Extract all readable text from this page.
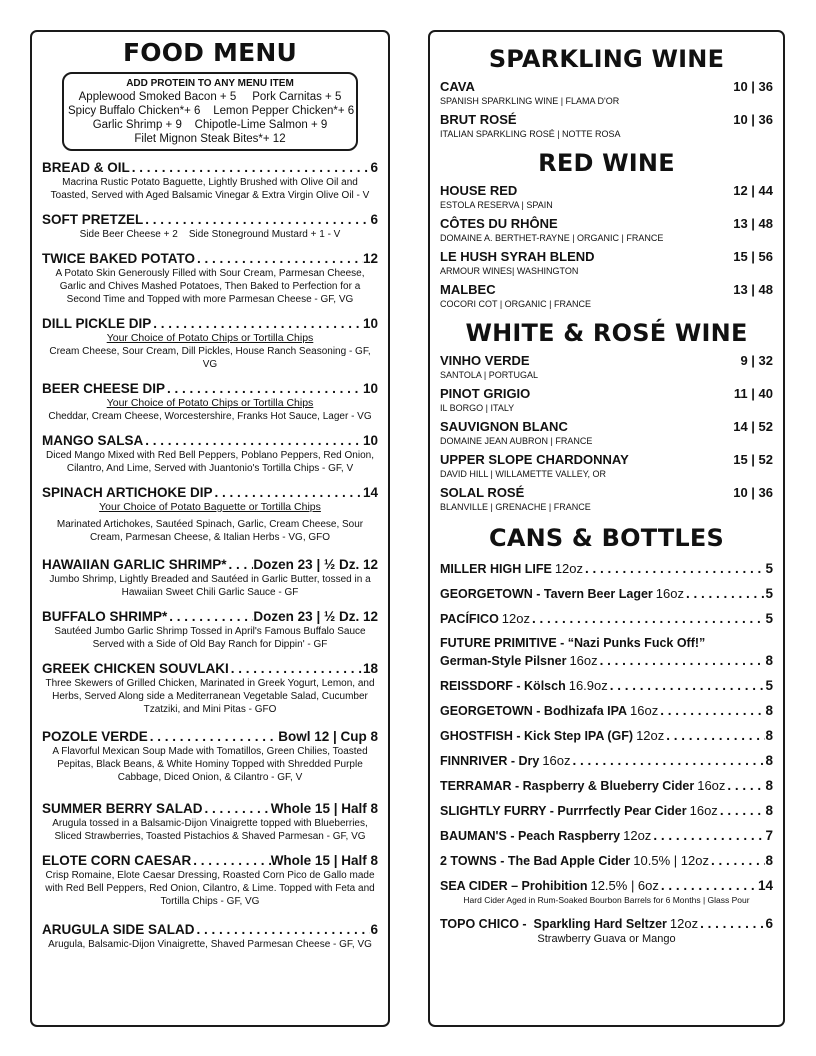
FOOD MENU
ADD PROTEIN TO ANY MENU ITEM
Applewood Smoked Bacon + 5     Pork Carnitas + 5
Spicy Buffalo Chicken*+ 6    Lemon Pepper Chicken*+ 6
Garlic Shrimp + 9    Chipotle-Lime Salmon + 9
Filet Mignon Steak Bites*+ 12
BREAD & OIL . . .	6
Macrina Rustic Potato Baguette, Lightly Brushed with Olive Oil and Toasted, Served with Aged Balsamic Vinegar & Extra Virgin Olive Oil - V
SOFT PRETZEL . . .	6
Side Beer Cheese + 2    Side Stoneground Mustard + 1 - V
TWICE BAKED POTATO . . .	12
A Potato Skin Generously Filled with Sour Cream, Parmesan Cheese, Garlic and Chives Mashed Potatoes, Then Baked to Perfection for a Second Time and Topped with more Parmesan Cheese - GF, VG
DILL PICKLE DIP . . .	10
Your Choice of Potato Chips or Tortilla Chips
Cream Cheese, Sour Cream, Dill Pickles, House Ranch Seasoning - GF, VG
BEER CHEESE DIP . . .	10
Your Choice of Potato Chips or Tortilla Chips
Cheddar, Cream Cheese, Worcestershire, Franks Hot Sauce, Lager - VG
MANGO SALSA . . .	10
Diced Mango Mixed with Red Bell Peppers, Poblano Peppers, Red Onion, Cilantro, And Lime, Served with Juantonio's Tortilla Chips - GF, V
SPINACH ARTICHOKE DIP . . .	14
Your Choice of Potato Baguette or Tortilla Chips
Marinated Artichokes, Sautéed Spinach, Garlic, Cream Cheese, Sour Cream, Parmesan Cheese, & Italian Herbs - VG, GFO
HAWAIIAN GARLIC SHRIMP* . . . Dozen 23 | ½ Dz. 12
Jumbo Shrimp, Lightly Breaded and Sautéed in Garlic Butter, tossed in a Hawaiian Sweet Chili Garlic Sauce - GF
BUFFALO SHRIMP* . . .	Dozen 23 | ½ Dz. 12
Sautéed Jumbo Garlic Shrimp Tossed in April's Famous Buffalo Sauce Served with a Side of Old Bay Ranch for Dippin' - GF
GREEK CHICKEN SOUVLAKI . . .	18
Three Skewers of Grilled Chicken, Marinated in Greek Yogurt, Lemon, and Herbs, Served Along side a Mediterranean Vegetable Salad, Cucumber Tzatziki, and Mini Pitas - GFO
POZOLE VERDE . . .	Bowl 12 | Cup 8
A Flavorful Mexican Soup Made with Tomatillos, Green Chilies, Toasted Pepitas, Black Beans, & White Hominy Topped with Shredded Purple Cabbage, Diced Onion, & Cilantro - GF, V
SUMMER BERRY SALAD . . .	Whole 15 | Half 8
Arugula tossed in a Balsamic-Dijon Vinaigrette topped with Blueberries, Sliced Strawberries, Toasted Pistachios & Shaved Parmesan - GF, VG
ELOTE CORN CAESAR . . .	Whole 15 | Half 8
Crisp Romaine, Elote Caesar Dressing, Roasted Corn Pico de Gallo made with Red Bell Peppers, Red Onion, Cilantro, & Lime. Topped with Feta and Tortilla Chips - GF, VG
ARUGULA SIDE SALAD . . .	6
Arugula, Balsamic-Dijon Vinaigrette, Shaved Parmesan Cheese - GF, VG
SPARKLING WINE
CAVA	10 | 36
SPANISH SPARKLING WINE | FLAMA D'OR
BRUT ROSÉ	10 | 36
ITALIAN SPARKLING ROSÉ | NOTTE ROSA
RED WINE
HOUSE RED	12 | 44
ESTOLA RESERVA | SPAIN
CÔTES DU RHÔNE	13 | 48
DOMAINE A. BERTHET-RAYNE | ORGANIC | FRANCE
LE HUSH SYRAH BLEND	15 | 56
ARMOUR WINES| WASHINGTON
MALBEC	13 | 48
COCORI COT | ORGANIC | FRANCE
WHITE & ROSÉ WINE
VINHO VERDE	9 | 32
SANTOLA | PORTUGAL
PINOT GRIGIO	11 | 40
IL BORGO | ITALY
SAUVIGNON BLANC	14 | 52
DOMAINE JEAN AUBRON | FRANCE
UPPER SLOPE CHARDONNAY	15 | 52
DAVID HILL | WILLAMETTE VALLEY, OR
SOLAL ROSÉ	10 | 36
BLANVILLE | GRENACHE | FRANCE
CANS & BOTTLES
MILLER HIGH LIFE 12oz . . .	5
GEORGETOWN - Tavern Beer Lager 16oz . . .	5
PACÍFICO 12oz . . .	5
FUTURE PRIMITIVE - “Nazi Punks Fuck Off!”
German-Style Pilsner 16oz . . .	8
REISSDORF - Kölsch 16.9oz . . .	5
GEORGETOWN - Bodhizafa IPA 16oz . . .	8
GHOSTFISH - Kick Step IPA (GF) 12oz . . .	8
FINNRIVER - Dry 16oz . . .	8
TERRAMAR - Raspberry & Blueberry Cider 16oz . . .	8
SLIGHTLY FURRY - Purrrfectly Pear Cider 16oz . . .	8
BAUMAN'S - Peach Raspberry 12oz . . .	7
2 TOWNS - The Bad Apple Cider 10.5% | 12oz . . .	8
SEA CIDER – Prohibition 12.5% | 6oz . . .	14
Hard Cider Aged in Rum-Soaked Bourbon Barrels for 6 Months | Glass Pour
TOPO CHICO -  Sparkling Hard Seltzer 12oz . . .	6
Strawberry Guava or Mango
